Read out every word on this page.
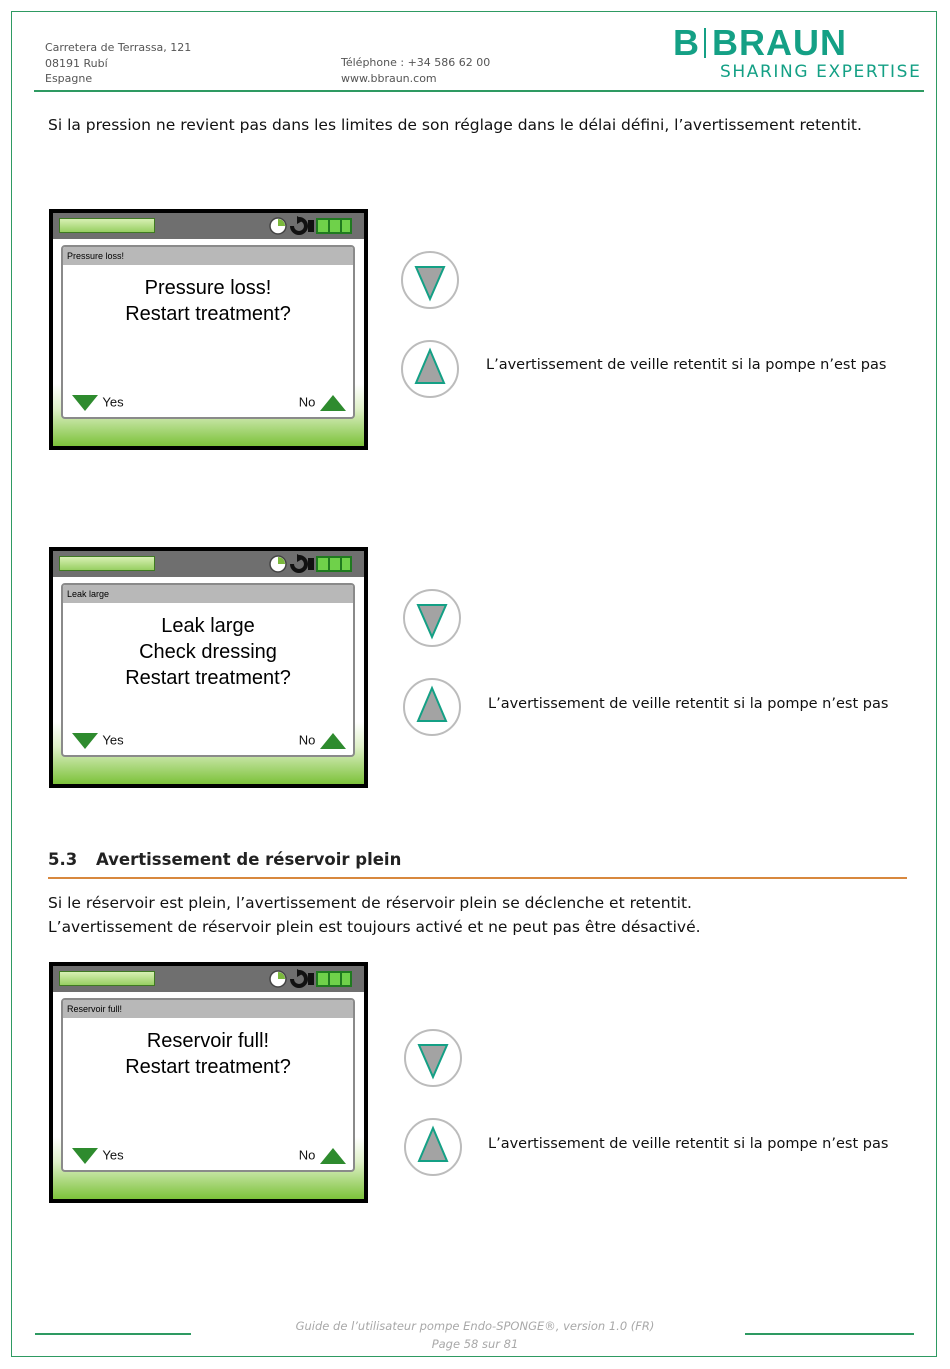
Carretera de Terrassa, 121
08191 Rubí
Espagne
Téléphone : +34 586 62 00
www.bbraun.com
B BRAUN
SHARING EXPERTISE
Si la pression ne revient pas dans les limites de son réglage dans le délai défini, l’avertissement retentit.
Pressure loss!
Pressure loss!
Restart treatment?
Yes	No
L’avertissement de veille retentit si la pompe n’est pas
Leak large
Leak large
Check dressing
Restart treatment?
Yes	No
L’avertissement de veille retentit si la pompe n’est pas
5.3 Avertissement de réservoir plein
Si le réservoir est plein, l’avertissement de réservoir plein se déclenche et retentit.
L’avertissement de réservoir plein est toujours activé et ne peut pas être désactivé.
Reservoir full!
Reservoir full!
Restart treatment?
Yes	No
L’avertissement de veille retentit si la pompe n’est pas
Guide de l’utilisateur pompe Endo-SPONGE®, version 1.0 (FR)
Page 58 sur 81
